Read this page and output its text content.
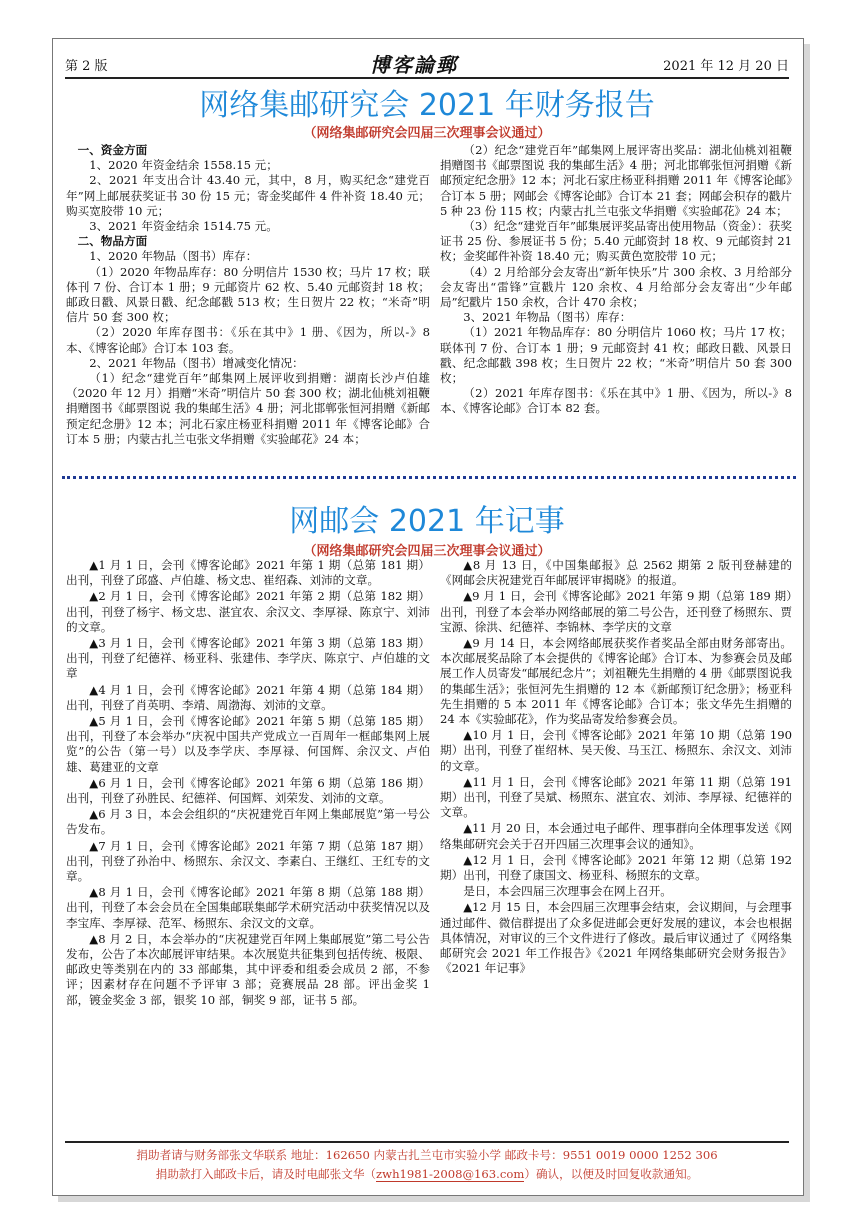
第 2 版	博客論郵	2021 年 12 月 20 日
网络集邮研究会 2021 年财务报告
（网络集邮研究会四届三次理事会议通过）

一、资金方面

1、2020 年资金结余 1558.15 元；

2、2021 年支出合计 43.40 元，其中，8 月，购买纪念“建党百年”网上邮展获奖证书 30 份 15 元；寄金奖邮件 4 件补资 18.40 元；购买宽胶带 10 元；

3、2021 年资金结余 1514.75 元。

二、物品方面

1、2020 年物品（图书）库存：

（1）2020 年物品库存：80 分明信片 1530 枚；马片 17 枚；联体刊 7 份、合订本 1 册；9 元邮资片 62 枚、5.40 元邮资封 18 枚；邮政日戳、风景日戳、纪念邮戳 513 枚；生日贺片 22 枚；“米奇”明信片 50 套 300 枚；

（2）2020 年库存图书：《乐在其中》1 册、《因为，所以-》8 本、《博客论邮》合订本 103 套。

2、2021 年物品（图书）增减变化情况：

（1）纪念“建党百年”邮集网上展评收到捐赠：湖南长沙卢伯雄（2020 年 12 月）捐赠“米奇”明信片 50 套 300 枚；湖北仙桃刘祖鞭捐赠图书《邮票图说 我的集邮生活》4 册；河北邯郸张恒河捐赠《新邮预定纪念册》12 本；河北石家庄杨亚科捐赠 2011 年《博客论邮》合订本 5 册；内蒙古扎兰屯张文华捐赠《实验邮花》24 本；

（2）纪念“建党百年”邮集网上展评寄出奖品：湖北仙桃刘祖鞭捐赠图书《邮票图说 我的集邮生活》4 册；河北邯郸张恒河捐赠《新邮预定纪念册》12 本；河北石家庄杨亚科捐赠 2011 年《博客论邮》合订本 5 册；网邮会《博客论邮》合订本 21 套；网邮会积存的戳片 5 种 23 份 115 枚；内蒙古扎兰屯张文华捐赠《实验邮花》24 本；

（3）纪念“建党百年”邮集展评奖品寄出使用物品（资金）：获奖证书 25 份、参展证书 5 份；5.40 元邮资封 18 枚、9 元邮资封 21 枚；金奖邮件补资 18.40 元；购买黄色宽胶带 10 元；

（4）2 月给部分会友寄出“新年快乐”片 300 余枚、3 月给部分会友寄出“雷锋”宣戳片 120 余枚、4 月给部分会友寄出“少年邮局”纪戳片 150 余枚，合计 470 余枚；

3、2021 年物品（图书）库存：

（1）2021 年物品库存：80 分明信片 1060 枚；马片 17 枚；联体刊 7 份、合订本 1 册；9 元邮资封 41 枚；邮政日戳、风景日戳、纪念邮戳 398 枚；生日贺片 22 枚；“米奇”明信片 50 套 300 枚；

（2）2021 年库存图书：《乐在其中》1 册、《因为，所以-》8 本、《博客论邮》合订本 82 套。

网邮会 2021 年记事
（网络集邮研究会四届三次理事会议通过）

▲1 月 1 日，会刊《博客论邮》2021 年第 1 期（总第 181 期）出刊，刊登了邱盛、卢伯雄、杨文忠、崔绍森、刘沛的文章。

▲2 月 1 日，会刊《博客论邮》2021 年第 2 期（总第 182 期）出刊，刊登了杨宇、杨文忠、湛宜农、余汉文、李厚禄、陈京宁、刘沛的文章。

▲3 月 1 日，会刊《博客论邮》2021 年第 3 期（总第 183 期）出刊，刊登了纪德祥、杨亚科、张建伟、李学庆、陈京宁、卢伯雄的文章

▲4 月 1 日，会刊《博客论邮》2021 年第 4 期（总第 184 期）出刊，刊登了肖英明、李靖、周渤海、刘沛的文章。

▲5 月 1 日，会刊《博客论邮》2021 年第 5 期（总第 185 期）出刊，刊登了本会举办“庆祝中国共产党成立一百周年一框邮集网上展览”的公告（第一号）以及李学庆、李厚禄、何国辉、余汉文、卢伯雄、葛建亚的文章

▲6 月 1 日，会刊《博客论邮》2021 年第 6 期（总第 186 期）出刊，刊登了孙胜民、纪德祥、何国辉、刘荣发、刘沛的文章。

▲6 月 3 日，本会会组织的“庆祝建党百年网上集邮展览”第一号公告发布。

▲7 月 1 日，会刊《博客论邮》2021 年第 7 期（总第 187 期）出刊，刊登了孙治中、杨照东、余汉文、李素白、王继红、王红专的文章。

▲8 月 1 日，会刊《博客论邮》2021 年第 8 期（总第 188 期）出刊，刊登了本会会员在全国集邮联集邮学术研究活动中获奖情况以及李宝库、李厚禄、范军、杨照东、余汉文的文章。

▲8 月 2 日，本会举办的“庆祝建党百年网上集邮展览”第二号公告发布，公告了本次邮展评审结果。本次展览共征集到包括传统、极限、邮政史等类别在内的 33 部邮集，其中评委和组委会成员 2 部，不参评；因素材存在问题不予评审 3 部；竞赛展品 28 部。评出金奖 1 部，镀金奖金 3 部，银奖 10 部，铜奖 9 部，证书 5 部。

▲8 月 13 日，《中国集邮报》总 2562 期第 2 版刊登赫建的《网邮会庆祝建党百年邮展评审揭晓》的报道。

▲9 月 1 日，会刊《博客论邮》2021 年第 9 期（总第 189 期）出刊，刊登了本会举办网络邮展的第二号公告，还刊登了杨照东、贾宝源、徐洪、纪德祥、李锦林、李学庆的文章

▲9 月 14 日，本会网络邮展获奖作者奖品全部由财务部寄出。本次邮展奖品除了本会提供的《博客论邮》合订本、为参赛会员及邮展工作人员寄发“邮展纪念片”；刘祖鞭先生捐赠的 4 册《邮票图说我的集邮生活》；张恒河先生捐赠的 12 本《新邮预订纪念册》；杨亚科先生捐赠的 5 本 2011 年《博客论邮》合订本；张文华先生捐赠的 24 本《实验邮花》，作为奖品寄发给参赛会员。

▲10 月 1 日，会刊《博客论邮》2021 年第 10 期（总第 190 期）出刊，刊登了崔绍林、吴天俊、马玉江、杨照东、余汉文、刘沛的文章。

▲11 月 1 日，会刊《博客论邮》2021 年第 11 期（总第 191 期）出刊，刊登了吴斌、杨照东、湛宜农、刘沛、李厚禄、纪德祥的文章。

▲11 月 20 日，本会通过电子邮件、理事群向全体理事发送《网络集邮研究会关于召开四届三次理事会议的通知》。

▲12 月 1 日，会刊《博客论邮》2021 年第 12 期（总第 192 期）出刊，刊登了康国文、杨亚科、杨照东的文章。

是日，本会四届三次理事会在网上召开。

▲12 月 15 日，本会四届三次理事会结束，会议期间，与会理事通过邮件、微信群提出了众多促进邮会更好发展的建议，本会也根据具体情况，对审议的三个文件进行了修改。最后审议通过了《网络集邮研究会 2021 年工作报告》《2021 年网络集邮研究会财务报告》《2021 年记事》

捐助者请与财务部张文华联系 地址：162650 内蒙古扎兰屯市实验小学 邮政卡号：9551 0019 0000 1252 306
捐助款打入邮政卡后，请及时电邮张文华（zwh1981-2008@163.com）确认，以便及时回复收款通知。
